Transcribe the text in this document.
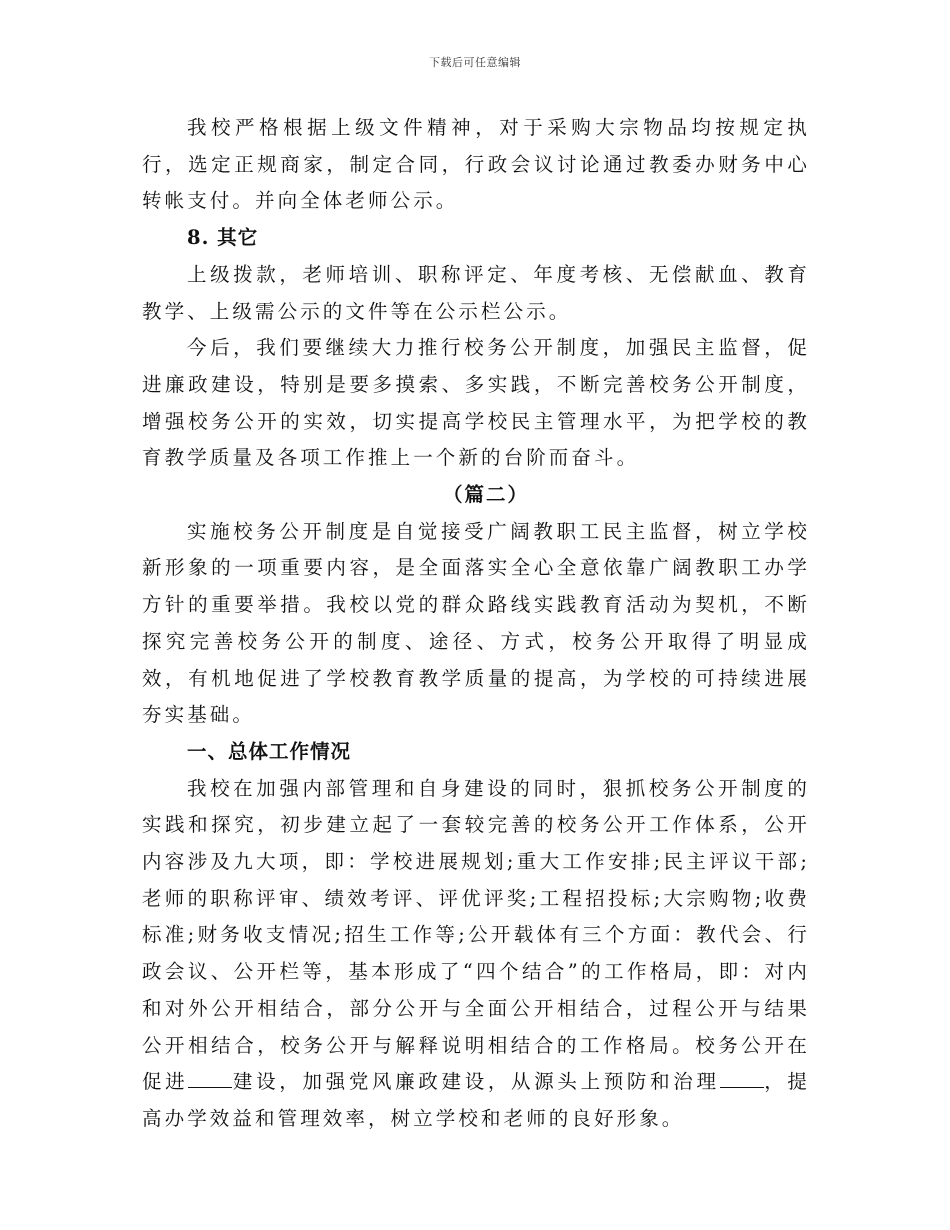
下载后可任意编辑

我校严格根据上级文件精神，对于采购大宗物品均按规定执行，选定正规商家，制定合同，行政会议讨论通过教委办财务中心转帐支付。并向全体老师公示。

8. 其它

上级拨款，老师培训、职称评定、年度考核、无偿献血、教育教学、上级需公示的文件等在公示栏公示。

今后，我们要继续大力推行校务公开制度，加强民主监督，促进廉政建设，特别是要多摸索、多实践，不断完善校务公开制度，增强校务公开的实效，切实提高学校民主管理水平，为把学校的教育教学质量及各项工作推上一个新的台阶而奋斗。

（篇二）

实施校务公开制度是自觉接受广阔教职工民主监督，树立学校新形象的一项重要内容，是全面落实全心全意依靠广阔教职工办学方针的重要举措。我校以党的群众路线实践教育活动为契机，不断探究完善校务公开的制度、途径、方式，校务公开取得了明显成效，有机地促进了学校教育教学质量的提高，为学校的可持续进展夯实基础。

一、总体工作情况

我校在加强内部管理和自身建设的同时，狠抓校务公开制度的实践和探究，初步建立起了一套较完善的校务公开工作体系，公开内容涉及九大项，即：学校进展规划;重大工作安排;民主评议干部;老师的职称评审、绩效考评、评优评奖;工程招投标;大宗购物;收费标准;财务收支情况;招生工作等;公开载体有三个方面：教代会、行政会议、公开栏等，基本形成了“四个结合”的工作格局，即：对内和对外公开相结合，部分公开与全面公开相结合，过程公开与结果公开相结合，校务公开与解释说明相结合的工作格局。校务公开在促进 建设，加强党风廉政建设，从源头上预防和治理 ，提高办学效益和管理效率，树立学校和老师的良好形象。
